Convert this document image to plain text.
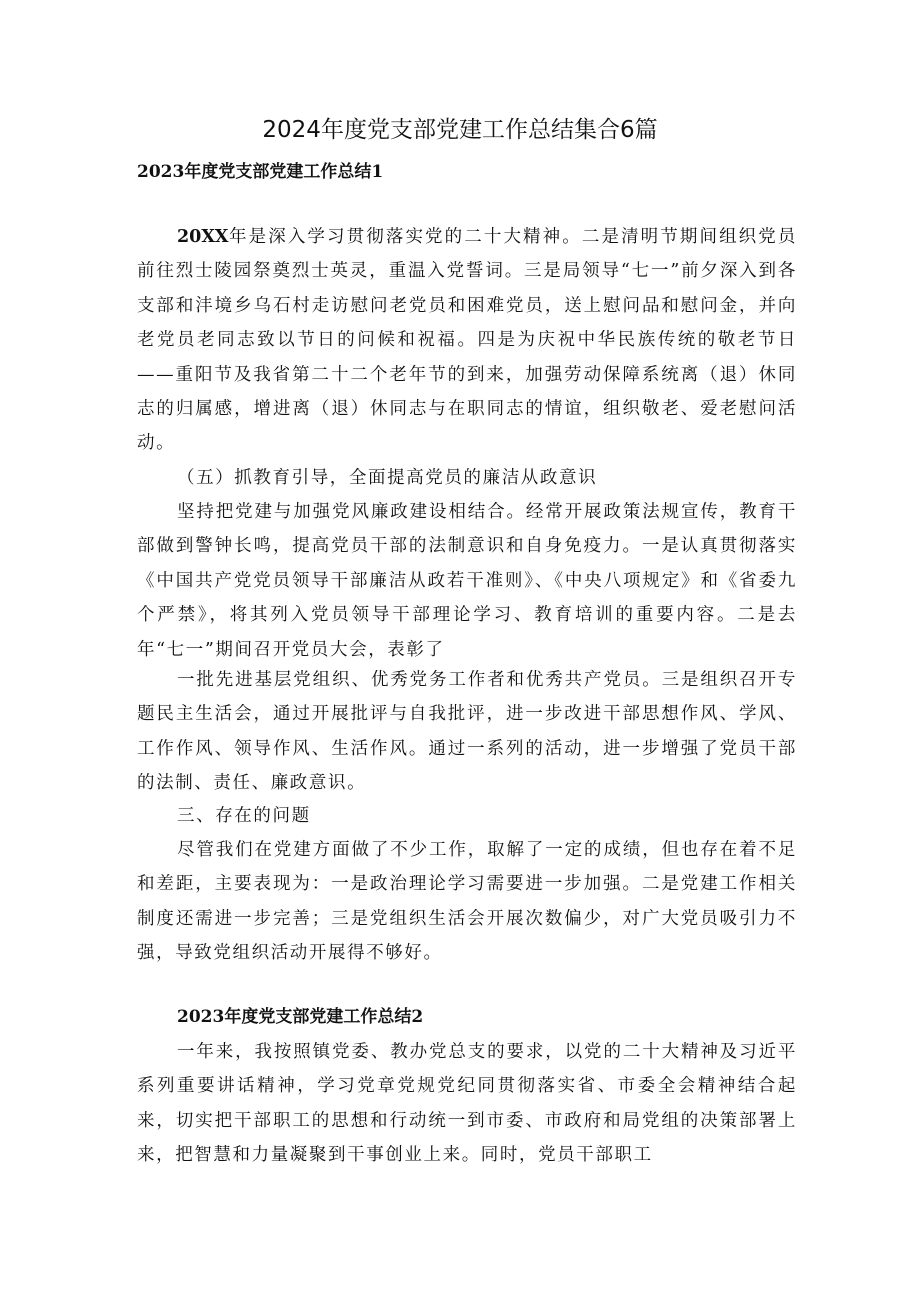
2024年度党支部党建工作总结集合6篇
2023年度党支部党建工作总结1

20XX年是深入学习贯彻落实党的二十大精神。二是清明节期间组织党员前往烈士陵园祭奠烈士英灵，重温入党誓词。三是局领导“七一”前夕深入到各支部和沣境乡乌石村走访慰问老党员和困难党员，送上慰问品和慰问金，并向老党员老同志致以节日的问候和祝福。四是为庆祝中华民族传统的敬老节日——重阳节及我省第二十二个老年节的到来，加强劳动保障系统离（退）休同志的归属感，增进离（退）休同志与在职同志的情谊，组织敬老、爱老慰问活动。

（五）抓教育引导，全面提高党员的廉洁从政意识

坚持把党建与加强党风廉政建设相结合。经常开展政策法规宣传，教育干部做到警钟长鸣，提高党员干部的法制意识和自身免疫力。一是认真贯彻落实《中国共产党党员领导干部廉洁从政若干准则》、《中央八项规定》和《省委九个严禁》，将其列入党员领导干部理论学习、教育培训的重要内容。二是去年“七一”期间召开党员大会，表彰了

一批先进基层党组织、优秀党务工作者和优秀共产党员。三是组织召开专题民主生活会，通过开展批评与自我批评，进一步改进干部思想作风、学风、工作作风、领导作风、生活作风。通过一系列的活动，进一步增强了党员干部的法制、责任、廉政意识。

三、存在的问题

尽管我们在党建方面做了不少工作，取解了一定的成绩，但也存在着不足和差距，主要表现为：一是政治理论学习需要进一步加强。二是党建工作相关制度还需进一步完善；三是党组织生活会开展次数偏少，对广大党员吸引力不强，导致党组织活动开展得不够好。

2023年度党支部党建工作总结2

一年来，我按照镇党委、教办党总支的要求，以党的二十大精神及习近平系列重要讲话精神，学习党章党规党纪同贯彻落实省、市委全会精神结合起来，切实把干部职工的思想和行动统一到市委、市政府和局党组的决策部署上来，把智慧和力量凝聚到干事创业上来。同时，党员干部职工
